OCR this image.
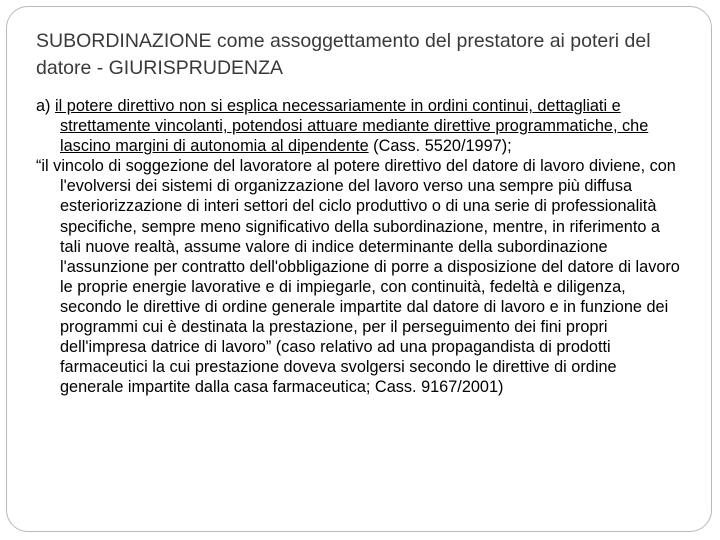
SUBORDINAZIONE come assoggettamento del prestatore ai poteri del datore - GIURISPRUDENZA

a) il potere direttivo non si esplica necessariamente in ordini continui, dettagliati e strettamente vincolanti, potendosi attuare mediante direttive programmatiche, che lascino margini di autonomia al dipendente (Cass. 5520/1997);

“il vincolo di soggezione del lavoratore al potere direttivo del datore di lavoro diviene, con l'evolversi dei sistemi di organizzazione del lavoro verso una sempre più diffusa esteriorizzazione di interi settori del ciclo produttivo o di una serie di professionalità specifiche, sempre meno significativo della subordinazione, mentre, in riferimento a tali nuove realtà, assume valore di indice determinante della subordinazione l'assunzione per contratto dell'obbligazione di porre a disposizione del datore di lavoro le proprie energie lavorative e di impiegarle, con continuità, fedeltà e diligenza, secondo le direttive di ordine generale impartite dal datore di lavoro e in funzione dei programmi cui è destinata la prestazione, per il perseguimento dei fini propri dell'impresa datrice di lavoro” (caso relativo ad una propagandista di prodotti farmaceutici la cui prestazione doveva svolgersi secondo le direttive di ordine generale impartite dalla casa farmaceutica; Cass. 9167/2001)
